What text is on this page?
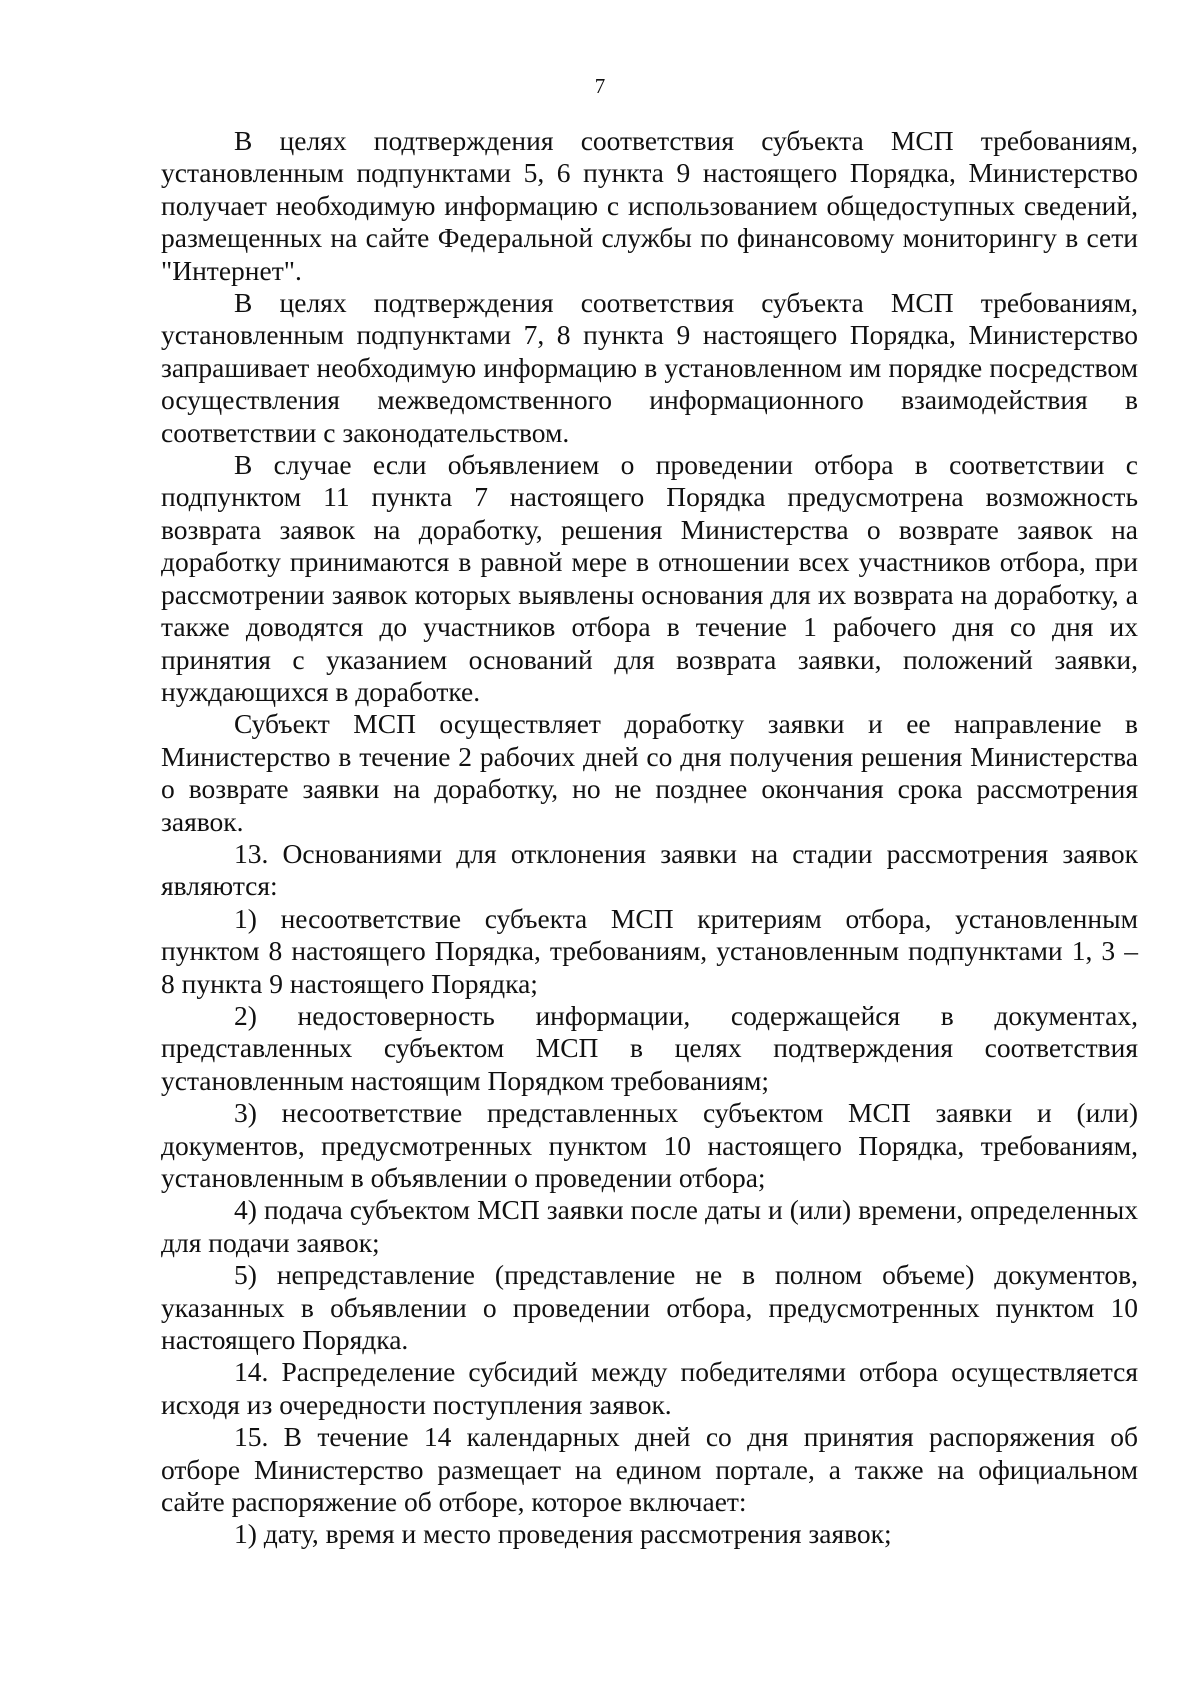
7

В целях подтверждения соответствия субъекта МСП требованиям, установленным подпунктами 5, 6 пункта 9 настоящего Порядка, Министерство получает необходимую информацию с использованием общедоступных сведений, размещенных на сайте Федеральной службы по финансовому мониторингу в сети "Интернет".

В целях подтверждения соответствия субъекта МСП требованиям, установленным подпунктами 7, 8 пункта 9 настоящего Порядка, Министерство запрашивает необходимую информацию в установленном им порядке посредством осуществления межведомственного информационного взаимодействия в соответствии с законодательством.

В случае если объявлением о проведении отбора в соответствии с подпунктом 11 пункта 7 настоящего Порядка предусмотрена возможность возврата заявок на доработку, решения Министерства о возврате заявок на доработку принимаются в равной мере в отношении всех участников отбора, при рассмотрении заявок которых выявлены основания для их возврата на доработку, а также доводятся до участников отбора в течение 1 рабочего дня со дня их принятия с указанием оснований для возврата заявки, положений заявки, нуждающихся в доработке.

Субъект МСП осуществляет доработку заявки и ее направление в Министерство в течение 2 рабочих дней со дня получения решения Министерства о возврате заявки на доработку, но не позднее окончания срока рассмотрения заявок.

13. Основаниями для отклонения заявки на стадии рассмотрения заявок являются:

1) несоответствие субъекта МСП критериям отбора, установленным пунктом 8 настоящего Порядка, требованиям, установленным подпунктами 1, 3 – 8 пункта 9 настоящего Порядка;

2) недостоверность информации, содержащейся в документах, представленных субъектом МСП в целях подтверждения соответствия установленным настоящим Порядком требованиям;

3) несоответствие представленных субъектом МСП заявки и (или) документов, предусмотренных пунктом 10 настоящего Порядка, требованиям, установленным в объявлении о проведении отбора;

4) подача субъектом МСП заявки после даты и (или) времени, определенных для подачи заявок;

5) непредставление (представление не в полном объеме) документов, указанных в объявлении о проведении отбора, предусмотренных пунктом 10 настоящего Порядка.

14. Распределение субсидий между победителями отбора осуществляется исходя из очередности поступления заявок.

15. В течение 14 календарных дней со дня принятия распоряжения об отборе Министерство размещает на едином портале, а также на официальном сайте распоряжение об отборе, которое включает:

1) дату, время и место проведения рассмотрения заявок;
